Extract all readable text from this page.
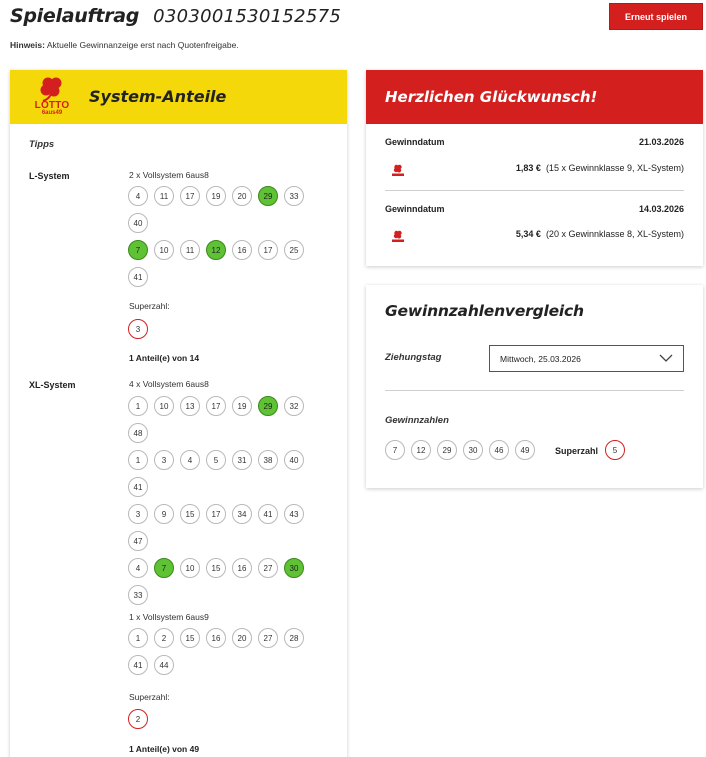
Spielauftrag 0303001530152575
Hinweis: Aktuelle Gewinnanzeige erst nach Quotenfreigabe.
Erneut spielen
LOTTO
6aus49
System-Anteile
Tipps
L-System	2 x Vollsystem 6aus8
4	11	17	19	20	29	33
40
7	10	11	12	16	17	25
41
Superzahl:
3
1 Anteil(e) von 14
XL-System	4 x Vollsystem 6aus8
1	10	13	17	19	29	32
48
1	3	4	5	31	38	40
41
3	9	15	17	34	41	43
47
4	7	10	15	16	27	30
33
1 x Vollsystem 6aus9
1	2	15	16	20	27	28
41	44
Superzahl:
2
1 Anteil(e) von 49
Herzlichen Glückwunsch!
Gewinndatum	21.03.2026
1,83 € (15 x Gewinnklasse 9, XL-System)
Gewinndatum	14.03.2026
5,34 € (20 x Gewinnklasse 8, XL-System)
Gewinnzahlenvergleich
Ziehungstag	Mittwoch, 25.03.2026
Gewinnzahlen
7	12	29	30	46	49	Superzahl	5
